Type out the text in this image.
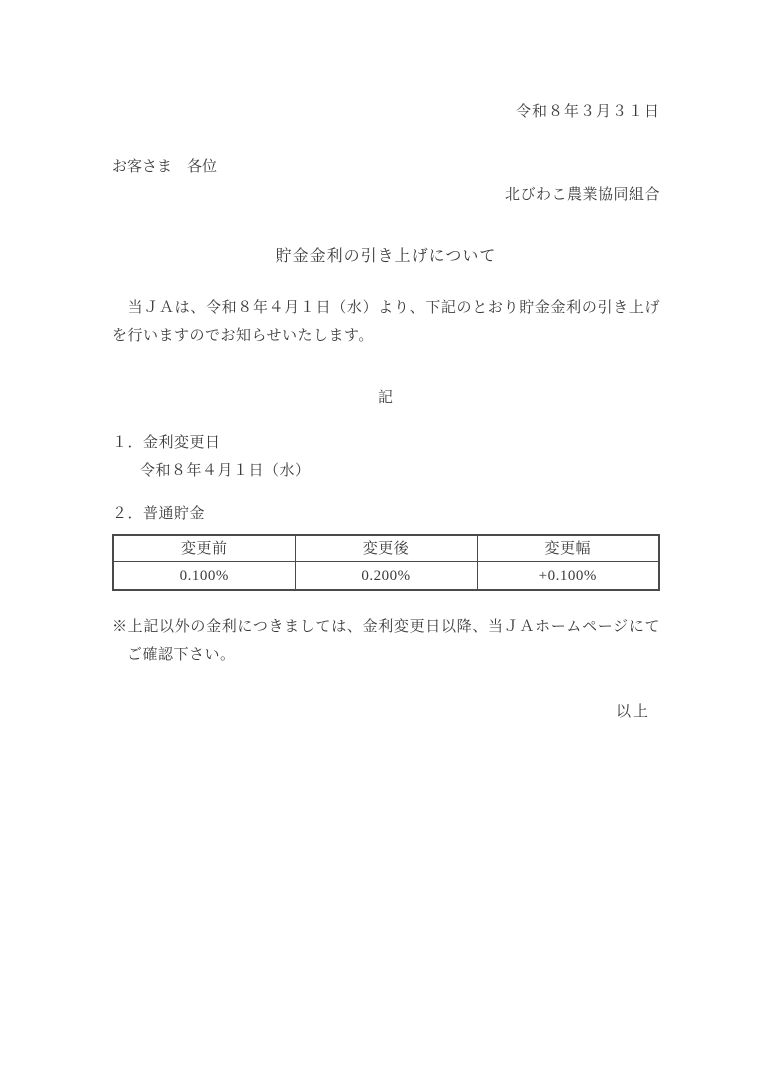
令和８年３月３１日
お客さま　各位
北びわこ農業協同組合
貯金金利の引き上げについて

　当ＪＡは、令和８年４月１日（水）より、下記のとおり貯金金利の引き上げを行いますのでお知らせいたします。

記
１．金利変更日
令和８年４月１日（水）
２．普通貯金
変更前	変更後	変更幅
0.100%	0.200%	+0.100%

※上記以外の金利につきましては、金利変更日以降、当ＪＡホームページにてご確認下さい。

以上
